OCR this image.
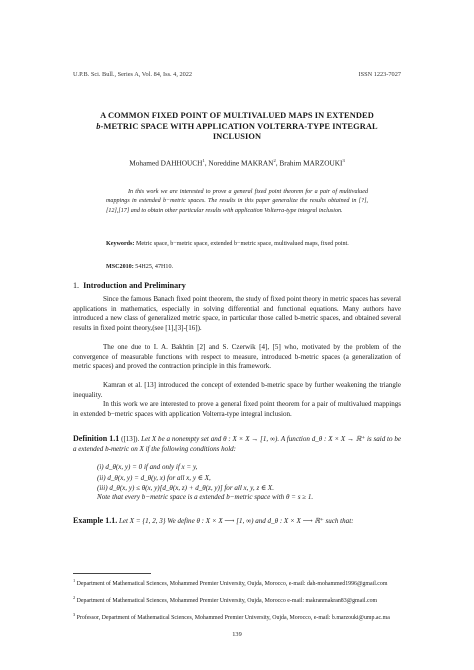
U.P.B. Sci. Bull., Series A, Vol. 84, Iss. 4, 2022	ISSN 1223-7027
A COMMON FIXED POINT OF MULTIVALUED MAPS IN EXTENDED
b-METRIC SPACE WITH APPLICATION VOLTERRA-TYPE INTEGRAL
INCLUSION
Mohamed DAHHOUCH$^1$, Noreddine MAKRAN$^2$, Brahim MARZOUKI$^3$
In this work we are interested to prove a general fixed point theorem for a pair of multivalued mappings in extended b−metric spaces. The results in this paper generalize the results obtained in [?], [12],[17] and to obtain other particular results with application Volterra-type integral inclusion.
Keywords: Metric space, b−metric space, extended b−metric space, multivalued maps, fixed point.
MSC2010: 54H25, 47H10.
1. Introduction and Preliminary
Since the famous Banach fixed point theorem, the study of fixed point theory in metric spaces has several applications in mathematics, especially in solving differential and functional equations. Many authors have introduced a new class of generalized metric space, in particular those called b-metric spaces, and obtained several results in fixed point theory,(see [1],[3]-[16]).
The one due to I. A. Bakhtin [2] and S. Czerwik [4], [5] who, motivated by the problem of the convergence of measurable functions with respect to measure, introduced b-metric spaces (a generalization of metric spaces) and proved the contraction principle in this framework.
Kamran et al. [13] introduced the concept of extended b-metric space by further weakening the triangle inequality.
In this work we are interested to prove a general fixed point theorem for a pair of multivalued mappings in extended b−metric spaces with application Volterra-type integral inclusion.
Definition 1.1 ([13]). Let X be a nonempty set and θ : X × X → [1, ∞). A function d_θ : X × X → ℝ⁺ is said to be a extended b-metric on X if the following conditions hold:
(i) d_θ(x, y) = 0 if and only if x = y,
(ii) d_θ(x, y) = d_θ(y, x) for all x, y ∈ X,
(iii) d_θ(x, y) ≤ θ(x, y)[d_θ(x, z) + d_θ(z, y)] for all x, y, z ∈ X.
Note that every b−metric space is a extended b−metric space with θ = s ≥ 1.
Example 1.1. Let X = {1, 2, 3} We define θ : X × X ⟶ [1, ∞) and d_θ : X × X ⟶ ℝ⁺ such that:
$^1$ Department of Mathematical Sciences, Mohammed Premier University, Oujda, Morocco, e-mail: dah-mohammed1996@gmail.com
$^2$ Department of Mathematical Sciences, Mohammed Premier University, Oujda, Morocco e-mail: makranmakran83@gmail.com
$^3$ Professor, Department of Mathematical Sciences, Mohammed Premier University, Oujda, Morocco, e-mail: b.marzouki@ump.ac.ma
139
